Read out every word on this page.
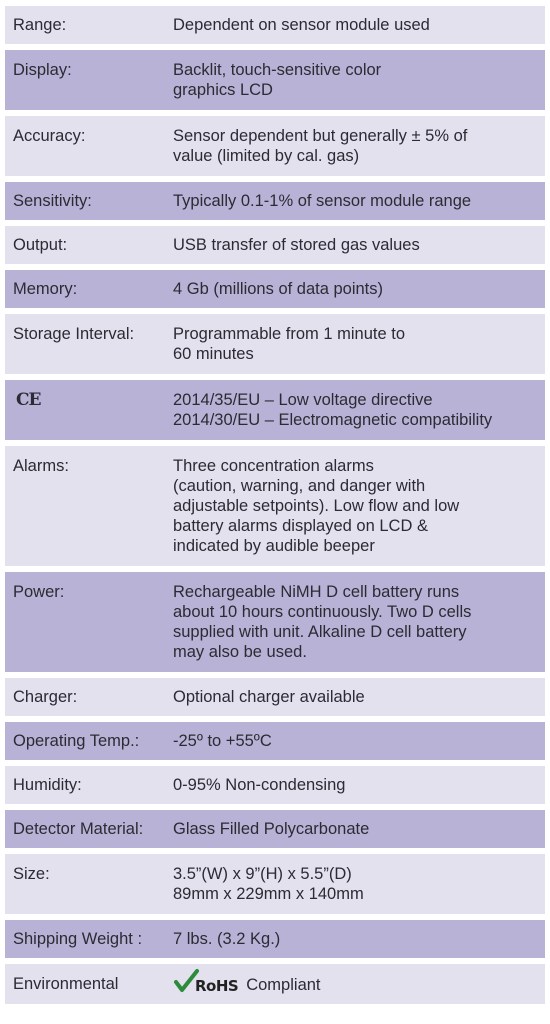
Range:	Dependent on sensor module used
Display:	Backlit, touch-sensitive color
graphics LCD
Accuracy:	Sensor dependent but generally ± 5% of
value (limited by cal. gas)
Sensitivity:	Typically 0.1-1% of sensor module range
Output:	USB transfer of stored gas values
Memory:	4 Gb (millions of data points)
Storage Interval:	Programmable from 1 minute to
60 minutes
CE	2014/35/EU – Low voltage directive
2014/30/EU – Electromagnetic compatibility
Alarms:	Three concentration alarms
(caution, warning, and danger with
adjustable setpoints). Low flow and low
battery alarms displayed on LCD &
indicated by audible beeper
Power:	Rechargeable NiMH D cell battery runs
about 10 hours continuously. Two D cells
supplied with unit. Alkaline D cell battery
may also be used.
Charger:	Optional charger available
Operating Temp.:	-25º to +55ºC
Humidity:	0-95% Non-condensing
Detector Material:	Glass Filled Polycarbonate
Size:	3.5”(W) x 9”(H) x 5.5”(D)
89mm x 229mm x 140mm
Shipping Weight :	7 lbs. (3.2 Kg.)
Environmental	RoHS Compliant
